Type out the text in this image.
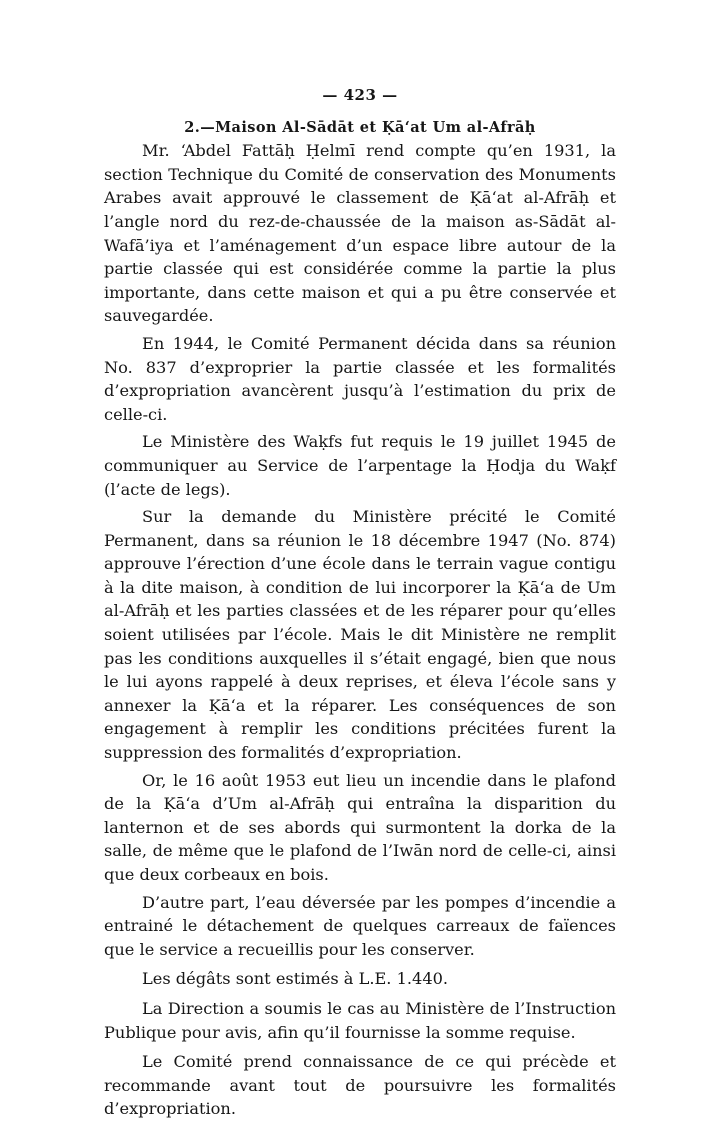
— 423 —
2.—Maison Al-Sādāt et Ḳā‘at Um al-Afrāḥ

Mr. ‘Abdel Fattāḥ Ḥelmī rend compte qu’en 1931, la section Technique du Comité de conservation des Monuments Arabes avait approuvé le classement de Ḳā‘at al-Afrāḥ et l’angle nord du rez-de-chaussée de la maison as-Sādāt al-Wafā’iya et l’aménagement d’un espace libre autour de la partie classée qui est considérée comme la partie la plus importante, dans cette maison et qui a pu être conservée et sauvegardée.

En 1944, le Comité Permanent décida dans sa réunion No. 837 d’exproprier la partie classée et les formalités d’expropriation avancèrent jusqu’à l’estimation du prix de celle-ci.

Le Ministère des Waḳfs fut requis le 19 juillet 1945 de communiquer au Service de l’arpentage la Ḥodja du Waḳf (l’acte de legs).

Sur la demande du Ministère précité le Comité Permanent, dans sa réunion le 18 décembre 1947 (No. 874) approuve l’érection d’une école dans le terrain vague contigu à la dite maison, à condition de lui incorporer la Ḳā‘a de Um al-Afrāḥ et les parties classées et de les réparer pour qu’elles soient utilisées par l’école. Mais le dit Ministère ne remplit pas les conditions auxquelles il s’était engagé, bien que nous le lui ayons rappelé à deux reprises, et éleva l’école sans y annexer la Ḳā‘a et la réparer. Les conséquences de son engagement à remplir les conditions précitées furent la suppression des formalités d’expropriation.

Or, le 16 août 1953 eut lieu un incendie dans le plafond de la Ḳā‘a d’Um al-Afrāḥ qui entraîna la disparition du lanternon et de ses abords qui surmontent la dorka de la salle, de même que le plafond de l’Iwān nord de celle-ci, ainsi que deux corbeaux en bois.

D’autre part, l’eau déversée par les pompes d’incendie a entrainé le détachement de quelques carreaux de faïences que le service a recueillis pour les conserver.

Les dégâts sont estimés à L.E. 1.440.

La Direction a soumis le cas au Ministère de l’Instruction Publique pour avis, afin qu’il fournisse la somme requise.

Le Comité prend connaissance de ce qui précède et recommande avant tout de poursuivre les formalités d’expropriation.
